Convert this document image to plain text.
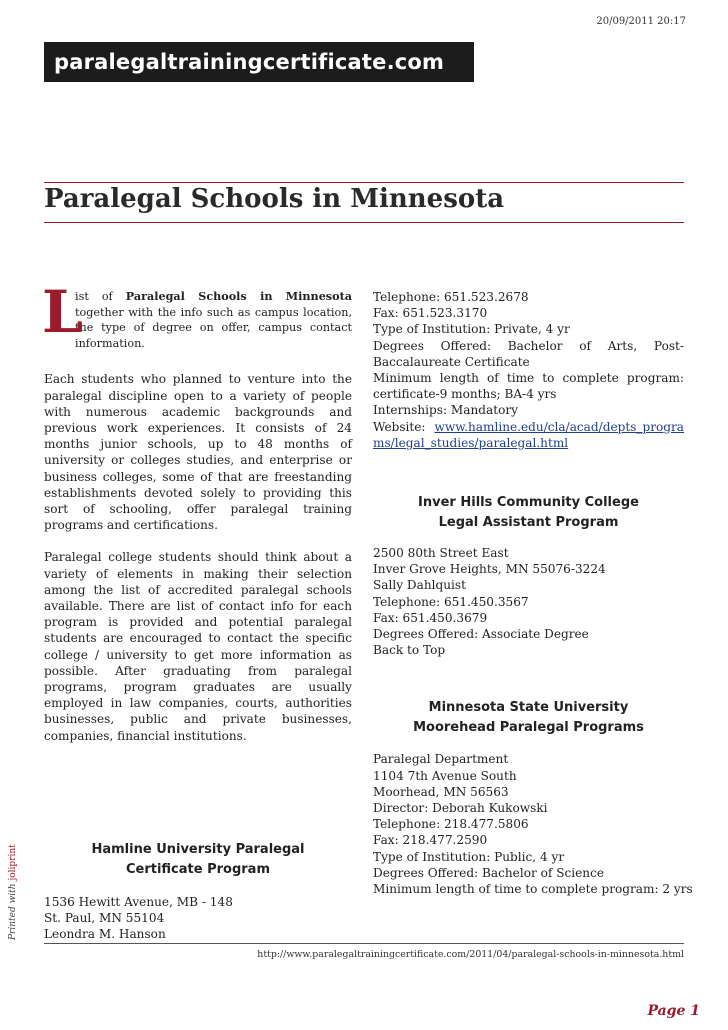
20/09/2011 20:17
paralegaltrainingcertificate.com
Paralegal Schools in Minnesota
L
ist of Paralegal Schools in Minnesota together with the info such as campus location, the type of degree on offer, campus contact information.

Each students who planned to venture into the paralegal discipline open to a variety of people with numerous academic backgrounds and previous work experiences. It consists of 24 months junior schools, up to 48 months of university or colleges studies, and enterprise or business colleges, some of that are freestanding establishments devoted solely to providing this sort of schooling, offer paralegal training programs and certifications.

Paralegal college students should think about a variety of elements in making their selection among the list of accredited paralegal schools available. There are list of contact info for each program is provided and potential paralegal students are encouraged to contact the specific college / university to get more information as possible. After graduating from paralegal programs, program graduates are usually employed in law companies, courts, authorities businesses, public and private businesses, companies, financial institutions.

Hamline University Paralegal Certificate Program
1536 Hewitt Avenue, MB - 148
St. Paul, MN 55104
Leondra M. Hanson
Telephone: 651.523.2678
Fax: 651.523.3170
Type of Institution: Private, 4 yr
Degrees Offered: Bachelor of Arts, Post-Baccalaureate Certificate
Minimum length of time to complete program: certificate-9 months; BA-4 yrs
Internships: Mandatory
Website: www.hamline.edu/cla/acad/depts_programs/legal_studies/paralegal.html
Inver Hills Community College Legal Assistant Program
2500 80th Street East
Inver Grove Heights, MN 55076-3224
Sally Dahlquist
Telephone: 651.450.3567
Fax: 651.450.3679
Degrees Offered: Associate Degree
Back to Top
Minnesota State University Moorehead Paralegal Programs
Paralegal Department
1104 7th Avenue South
Moorhead, MN 56563
Director: Deborah Kukowski
Telephone: 218.477.5806
Fax: 218.477.2590
Type of Institution: Public, 4 yr
Degrees Offered: Bachelor of Science
Minimum length of time to complete program: 2 yrs
Printed with joliprint
http://www.paralegaltrainingcertificate.com/2011/04/paralegal-schools-in-minnesota.html
Page 1
